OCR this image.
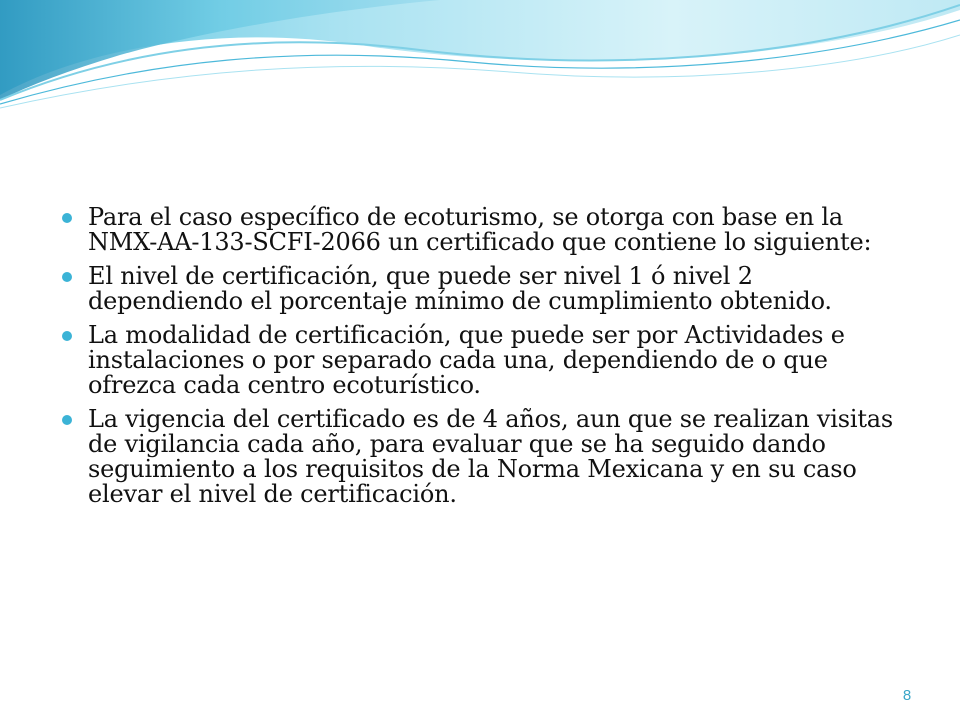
Para el caso específico de ecoturismo, se otorga con base en la NMX-AA-133-SCFI-2066 un certificado que contiene lo siguiente:
El nivel de certificación, que puede ser nivel 1 ó nivel 2 dependiendo el porcentaje mínimo de cumplimiento obtenido.
La modalidad de certificación, que puede ser por Actividades e instalaciones o por separado cada una, dependiendo de o que ofrezca cada centro ecoturístico.
La vigencia del certificado es de 4 años, aun que se realizan visitas de vigilancia cada año, para evaluar que se ha seguido dando seguimiento a los requisitos de la Norma Mexicana y en su caso elevar el nivel de certificación.
8
